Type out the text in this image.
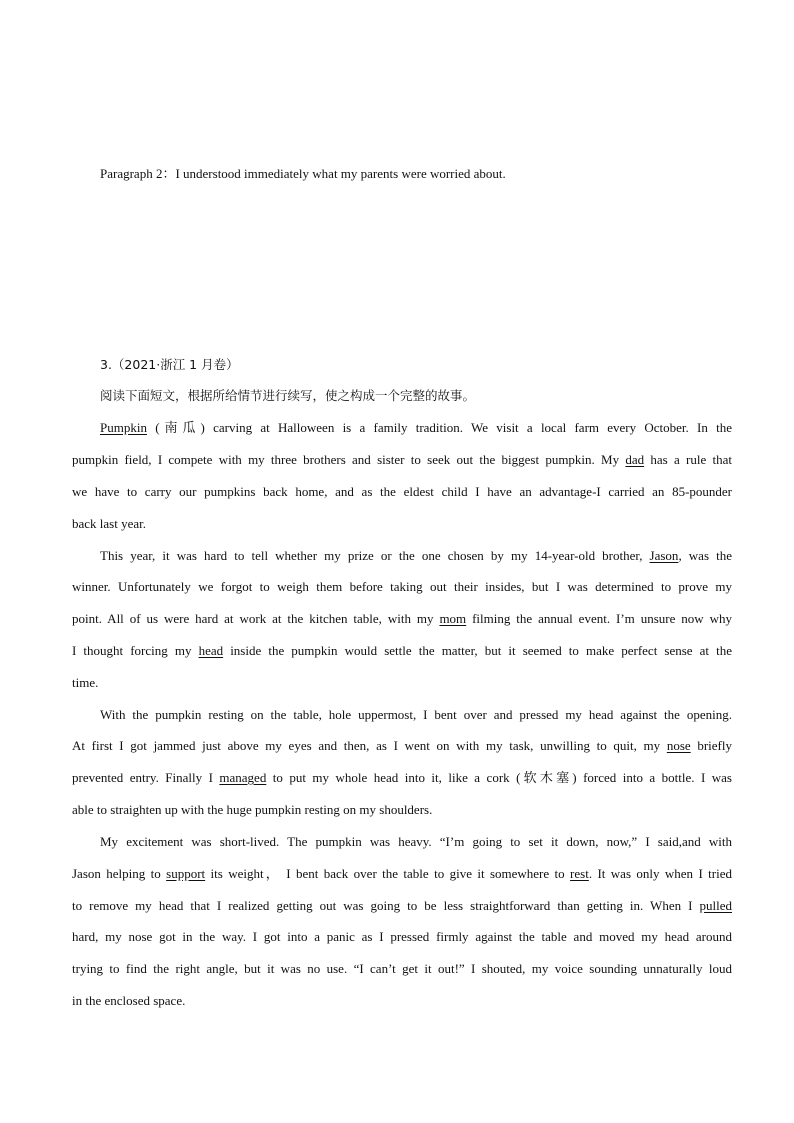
Paragraph 2：I understood immediately what my parents were worried about.
3.（2021·浙江 1 月卷）
阅读下面短文，根据所给情节进行续写，使之构成一个完整的故事。
Pumpkin (南瓜) carving at Halloween is a family tradition. We visit a local farm every October. In the
pumpkin field, I compete with my three brothers and sister to seek out the biggest pumpkin. My dad has a rule that
we have to carry our pumpkins back home, and as the eldest child I have an advantage-I carried an 85-pounder
back last year.
This year, it was hard to tell whether my prize or the one chosen by my 14-year-old brother, Jason, was the
winner. Unfortunately we forgot to weigh them before taking out their insides, but I was determined to prove my
point. All of us were hard at work at the kitchen table, with my mom filming the annual event. I’m unsure now why
I thought forcing my head inside the pumpkin would settle the matter, but it seemed to make perfect sense at the
time.
With the pumpkin resting on the table, hole uppermost, I bent over and pressed my head against the opening.
At first I got jammed just above my eyes and then, as I went on with my task, unwilling to quit, my nose briefly
prevented entry. Finally I managed to put my whole head into it, like a cork (软木塞) forced into a bottle. I was
able to straighten up with the huge pumpkin resting on my shoulders.
My excitement was short-lived. The pumpkin was heavy. “I’m going to set it down, now,” I said,and with
Jason helping to support its weight， I bent back over the table to give it somewhere to rest. It was only when I tried
to remove my head that I realized getting out was going to be less straightforward than getting in. When I pulled
hard, my nose got in the way. I got into a panic as I pressed firmly against the table and moved my head around
trying to find the right angle, but it was no use. “I can’t get it out!” I shouted, my voice sounding unnaturally loud
in the enclosed space.
